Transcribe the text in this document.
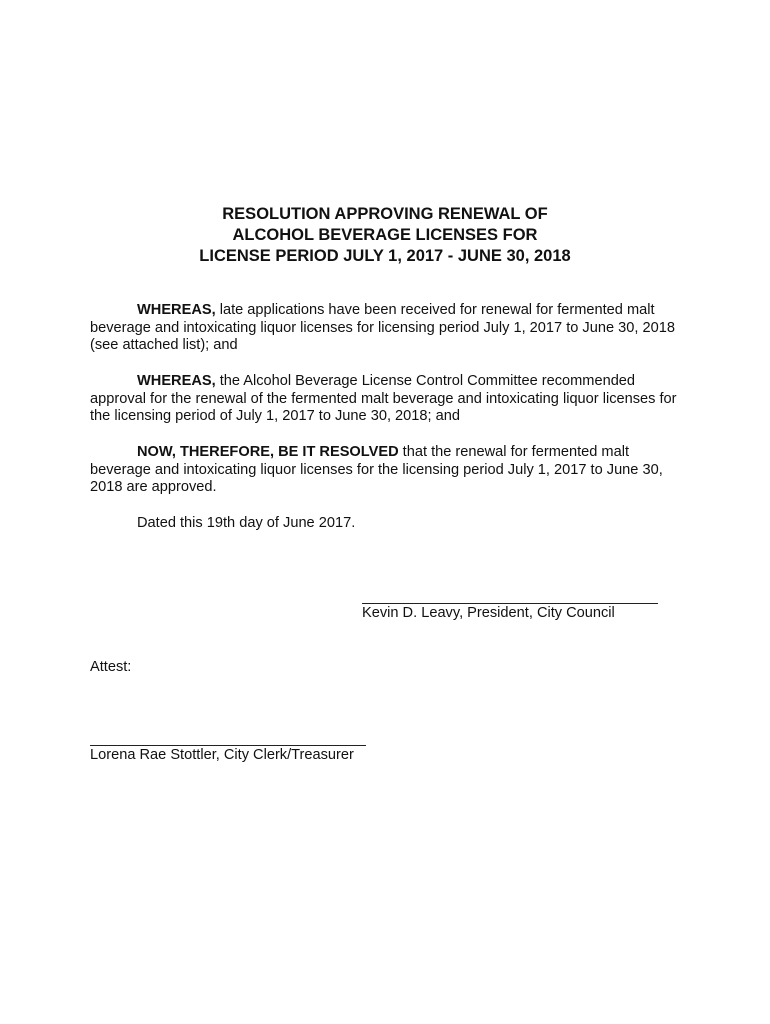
RESOLUTION APPROVING RENEWAL OF
ALCOHOL BEVERAGE LICENSES FOR
LICENSE PERIOD JULY 1, 2017 - JUNE 30, 2018

WHEREAS, late applications have been received for renewal for fermented malt beverage and intoxicating liquor licenses for licensing period July 1, 2017 to June 30, 2018 (see attached list); and

WHEREAS, the Alcohol Beverage License Control Committee recommended approval for the renewal of the fermented malt beverage and intoxicating liquor licenses for the licensing period of July 1, 2017 to June 30, 2018; and

NOW, THEREFORE, BE IT RESOLVED that the renewal for fermented malt beverage and intoxicating liquor licenses for the licensing period July 1, 2017 to June 30, 2018 are approved.

Dated this 19th day of June 2017.

Kevin D. Leavy, President, City Council
Attest:
Lorena Rae Stottler, City Clerk/Treasurer
